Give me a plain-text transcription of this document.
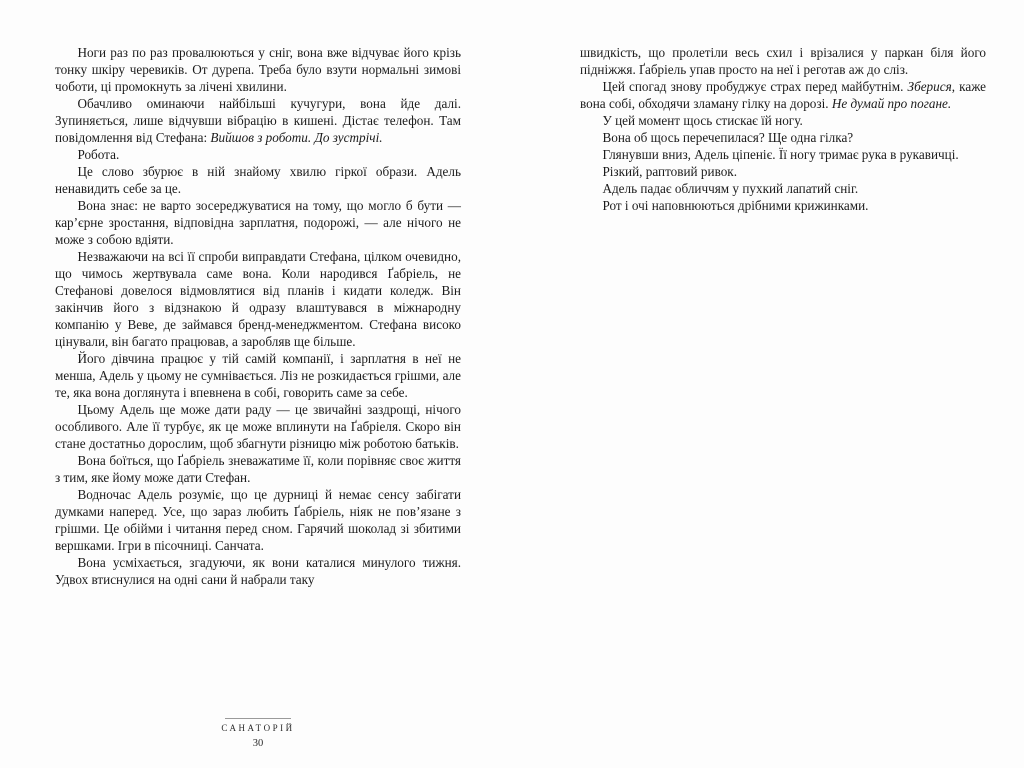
Ноги раз по раз провалюються у сніг, вона вже відчуває його крізь тонку шкіру черевиків. От дурепа. Треба було взути нормальні зимові чоботи, ці промокнуть за лічені хвилини.

Обачливо оминаючи найбільші кучугури, вона йде далі. Зупиняється, лише відчувши вібрацію в кишені. Дістає телефон. Там повідомлення від Стефана: Вийшов з роботи. До зустрічі.

Робота.

Це слово збурює в ній знайому хвилю гіркої образи. Адель ненавидить себе за це.

Вона знає: не варто зосереджуватися на тому, що могло б бути — карʼєрне зростання, відповідна зарплатня, подорожі, — але нічого не може з собою вдіяти.

Незважаючи на всі її спроби виправдати Стефана, цілком очевидно, що чимось жертвувала саме вона. Коли народився Ґабріель, не Стефанові довелося відмовлятися від планів і кидати коледж. Він закінчив його з відзнакою й одразу влаштувався в міжнародну компанію у Веве, де займався бренд-менеджментом. Стефана високо цінували, він багато працював, а заробляв ще більше.

Його дівчина працює у тій самій компанії, і зарплатня в неї не менша, Адель у цьому не сумнівається. Ліз не розкидається грішми, але те, яка вона доглянута і впевнена в собі, говорить саме за себе.

Цьому Адель ще може дати раду — це звичайні заздрощі, нічого особливого. Але її турбує, як це може вплинути на Ґабріеля. Скоро він стане достатньо дорослим, щоб збагнути різницю між роботою батьків.

Вона боїться, що Ґабріель зневажатиме її, коли порівняє своє життя з тим, яке йому може дати Стефан.

Водночас Адель розуміє, що це дурниці й немає сенсу забігати думками наперед. Усе, що зараз любить Ґабріель, ніяк не повʼязане з грішми. Це обійми і читання перед сном. Гарячий шоколад зі збитими вершками. Ігри в пісочниці. Санчата.

Вона усміхається, згадуючи, як вони каталися минулого тижня. Удвох втиснулися на одні сани й набрали таку

швидкість, що пролетіли весь схил і врізалися у паркан біля його підніжжя. Ґабріель упав просто на неї і реготав аж до сліз.

Цей спогад знову пробуджує страх перед майбутнім. Зберися, каже вона собі, обходячи зламану гілку на дорозі. Не думай про погане.

У цей момент щось стискає їй ногу.

Вона об щось перечепилася? Ще одна гілка?

Глянувши вниз, Адель ціпеніє. Її ногу тримає рука в рукавичці.

Різкий, раптовий ривок.

Адель падає обличчям у пухкий лапатий сніг.

Рот і очі наповнюються дрібними крижинками.

САНАТОРІЙ
30
